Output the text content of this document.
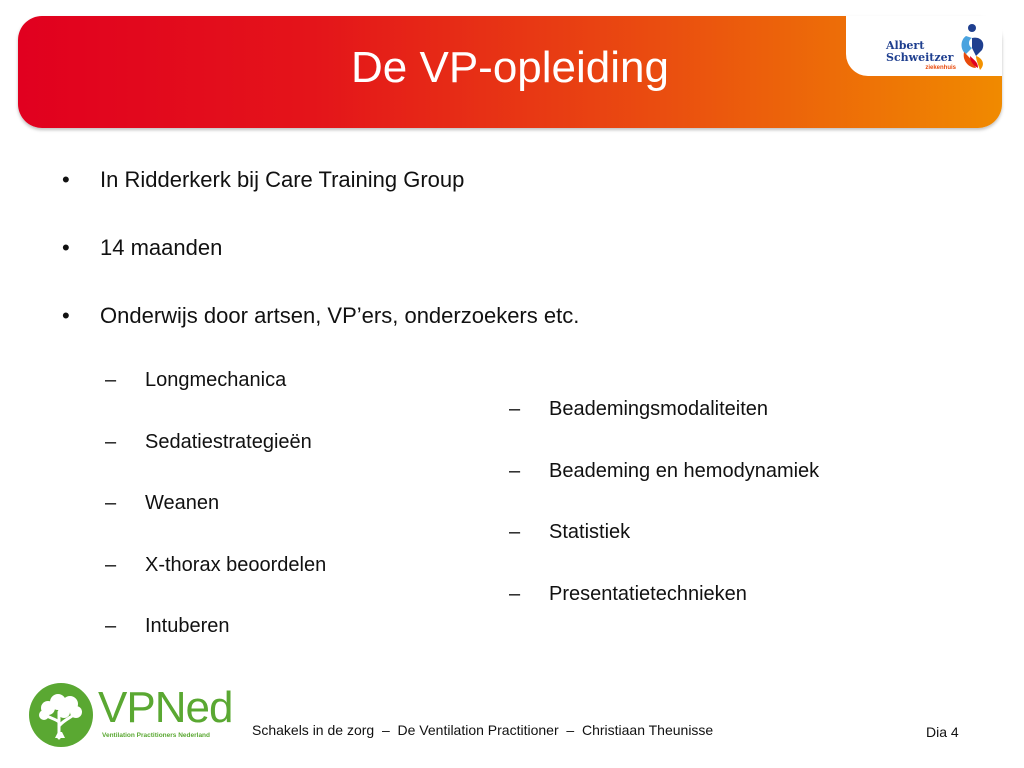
De VP-opleiding	Albert
Schweitzer
ziekenhuis
• In Ridderkerk bij Care Training Group
• 14 maanden
• Onderwijs door artsen, VP’ers, onderzoekers etc.
– Longmechanica
– Sedatiestrategieën
– Weanen
– X-thorax beoordelen
– Intuberen
– Beademingsmodaliteiten
– Beademing en hemodynamiek
– Statistiek
– Presentatietechnieken
VPNed
Ventilation Practitioners Nederland	Schakels in de zorg  –  De Ventilation Practitioner  –  Christiaan Theunisse	Dia 4
